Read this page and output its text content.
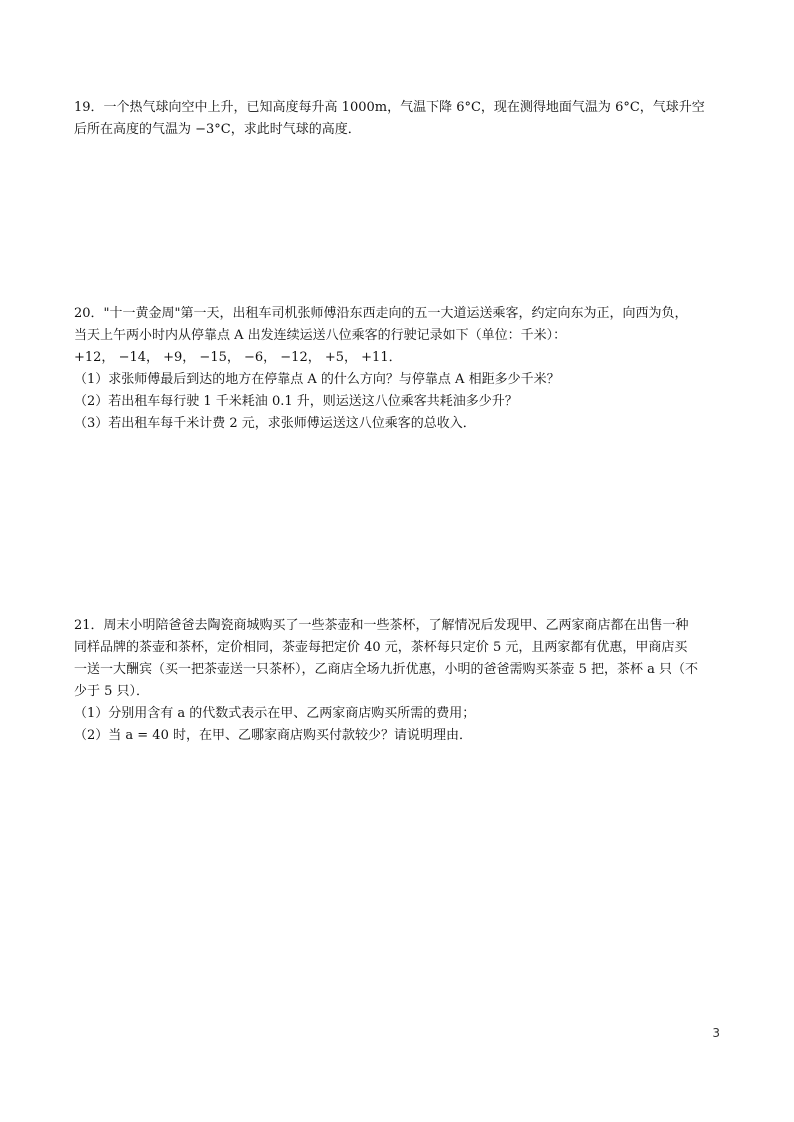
19．一个热气球向空中上升，已知高度每升高 1000m，气温下降 6°C，现在测得地面气温为 6°C，气球升空
后所在高度的气温为 −3°C，求此时气球的高度．
20．"十一黄金周"第一天，出租车司机张师傅沿东西走向的五一大道运送乘客，约定向东为正，向西为负，
当天上午两小时内从停靠点 A 出发连续运送八位乘客的行驶记录如下（单位：千米）：
+12， −14， +9， −15， −6， −12， +5， +11．
（1）求张师傅最后到达的地方在停靠点 A 的什么方向？与停靠点 A 相距多少千米？
（2）若出租车每行驶 1 千米耗油 0.1 升，则运送这八位乘客共耗油多少升？
（3）若出租车每千米计费 2 元，求张师傅运送这八位乘客的总收入．
21．周末小明陪爸爸去陶瓷商城购买了一些茶壶和一些茶杯，了解情况后发现甲、乙两家商店都在出售一种
同样品牌的茶壶和茶杯，定价相同，茶壶每把定价 40 元，茶杯每只定价 5 元，且两家都有优惠，甲商店买
一送一大酬宾（买一把茶壶送一只茶杯），乙商店全场九折优惠，小明的爸爸需购买茶壶 5 把，茶杯 a 只（不
少于 5 只）．
（1）分别用含有 a 的代数式表示在甲、乙两家商店购买所需的费用；
（2）当 a = 40 时，在甲、乙哪家商店购买付款较少？请说明理由．
3
